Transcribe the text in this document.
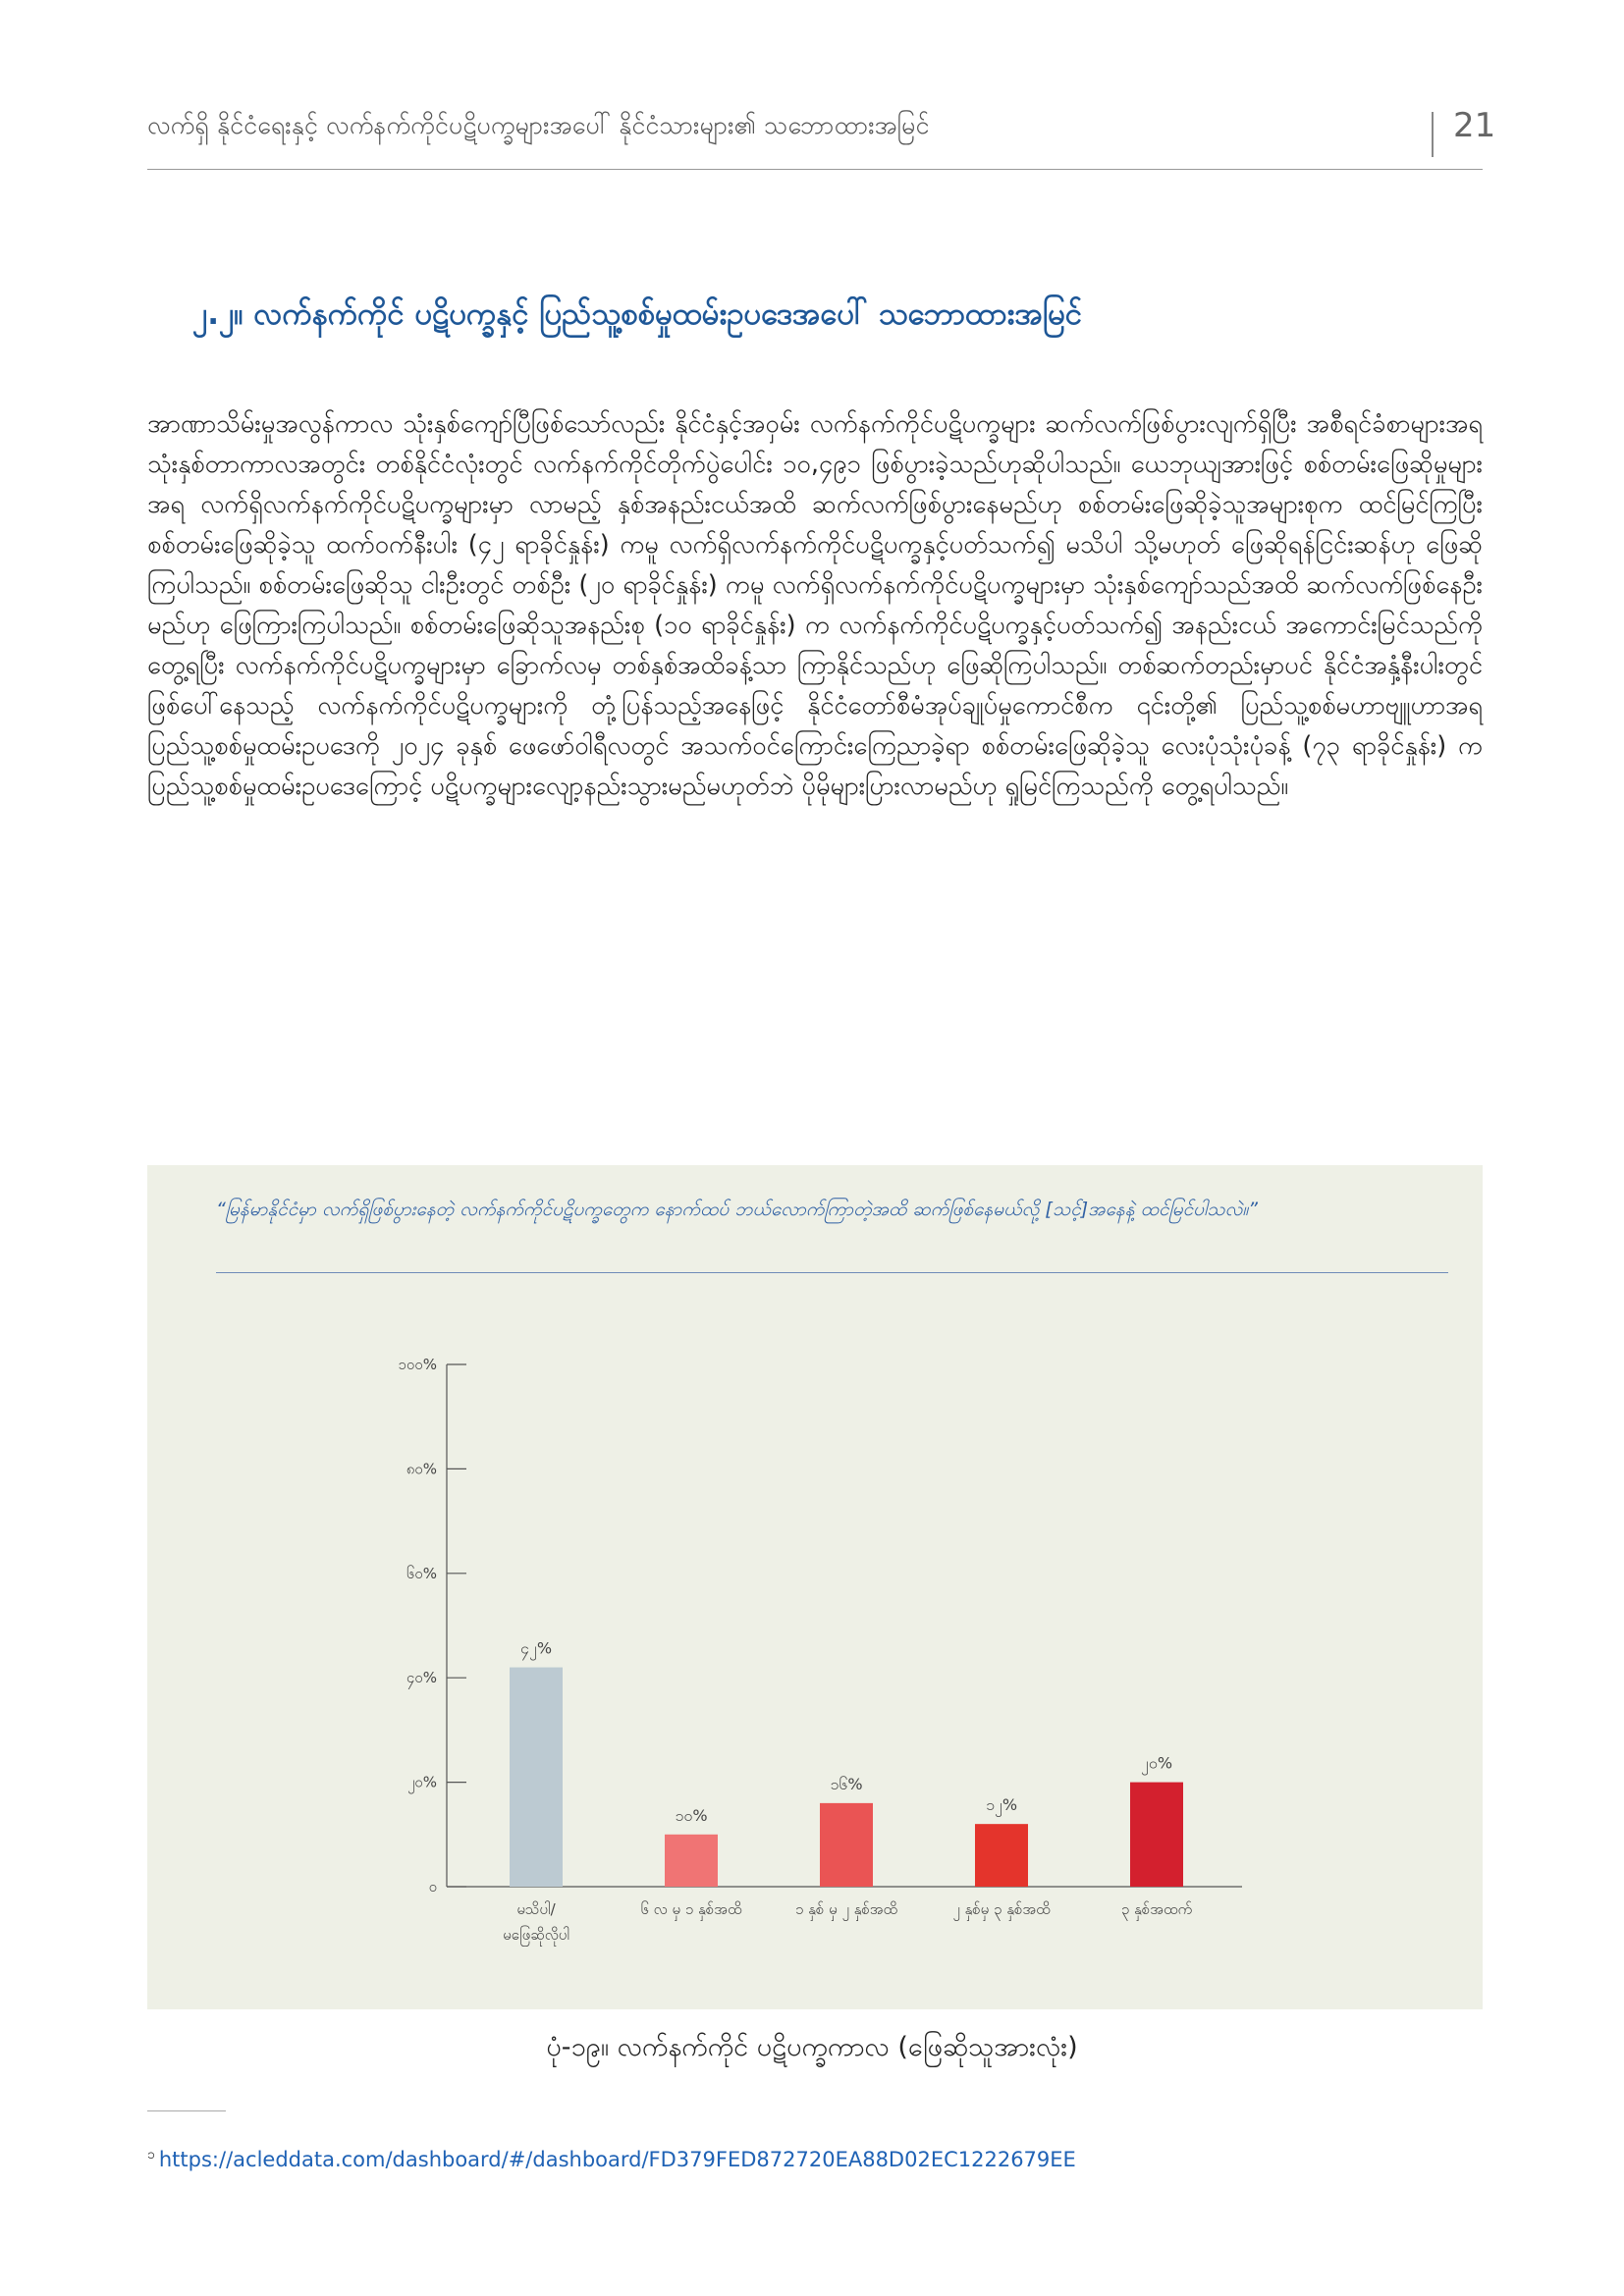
လက်ရှိ နိုင်ငံရေးနှင့် လက်နက်ကိုင်ပဋိပက္ခများအပေါ် နိုင်ငံသားများ၏ သဘောထားအမြင်	21
၂.၂။ လက်နက်ကိုင် ပဋိပက္ခနှင့် ပြည်သူ့စစ်မှုထမ်းဥပဒေအပေါ် သဘောထားအမြင်

အာဏာသိမ်းမှုအလွန်ကာလ သုံးနှစ်ကျော်ပြီဖြစ်သော်လည်း နိုင်ငံနှင့်အဝှမ်း လက်နက်ကိုင်ပဋိပက္ခများ ဆက်လက်ဖြစ်ပွားလျက်ရှိပြီး အစီရင်ခံစာများအရ သုံးနှစ်တာကာလအတွင်း တစ်နိုင်ငံလုံးတွင် လက်နက်ကိုင်တိုက်ပွဲပေါင်း ၁၀,၄၉၁ ဖြစ်ပွားခဲ့သည်ဟုဆိုပါသည်။ ယေဘုယျအားဖြင့် စစ်တမ်းဖြေဆိုမှုများအရ လက်ရှိလက်နက်ကိုင်ပဋိပက္ခများမှာ လာမည့် နှစ်အနည်းငယ်အထိ ဆက်လက်ဖြစ်ပွားနေမည်ဟု စစ်တမ်းဖြေဆိုခဲ့သူအများစုက ထင်မြင်ကြပြီး စစ်တမ်းဖြေဆိုခဲ့သူ ထက်ဝက်နီးပါး (၄၂ ရာခိုင်နှုန်း) ကမူ လက်ရှိလက်နက်ကိုင်ပဋိပက္ခနှင့်ပတ်သက်၍ မသိပါ သို့မဟုတ် ဖြေဆိုရန်ငြင်းဆန်ဟု ဖြေဆိုကြပါသည်။ စစ်တမ်းဖြေဆိုသူ ငါးဦးတွင် တစ်ဦး (၂၀ ရာခိုင်နှုန်း) ကမူ လက်ရှိလက်နက်ကိုင်ပဋိပက္ခများမှာ သုံးနှစ်ကျော်သည်အထိ ဆက်လက်ဖြစ်နေဦးမည်ဟု ဖြေကြားကြပါသည်။ စစ်တမ်းဖြေဆိုသူအနည်းစု (၁၀ ရာခိုင်နှုန်း) က လက်နက်ကိုင်ပဋိပက္ခနှင့်ပတ်သက်၍ အနည်းငယ် အကောင်းမြင်သည်ကိုတွေ့ရပြီး လက်နက်ကိုင်ပဋိပက္ခများမှာ ခြောက်လမှ တစ်နှစ်အထိခန့်သာ ကြာနိုင်သည်ဟု ဖြေဆိုကြပါသည်။ တစ်ဆက်တည်းမှာပင် နိုင်ငံအနှံ့နီးပါးတွင် ဖြစ်ပေါ်နေသည့် လက်နက်ကိုင်ပဋိပက္ခများကို တုံ့ပြန်သည့်အနေဖြင့် နိုင်ငံတော်စီမံအုပ်ချုပ်မှုကောင်စီက ၎င်းတို့၏ ပြည်သူ့စစ်မဟာဗျူဟာအရ ပြည်သူ့စစ်မှုထမ်းဥပဒေကို ၂၀၂၄ ခုနှစ် ဖေဖော်ဝါရီလတွင် အသက်ဝင်ကြောင်းကြေညာခဲ့ရာ စစ်တမ်းဖြေဆိုခဲ့သူ လေးပုံသုံးပုံခန့် (၇၃ ရာခိုင်နှုန်း) က ပြည်သူ့စစ်မှုထမ်းဥပဒေကြောင့် ပဋိပက္ခများလျော့နည်းသွားမည်မဟုတ်ဘဲ ပိုမိုများပြားလာမည်ဟု ရှုမြင်ကြသည်ကို တွေ့ရပါသည်။

“မြန်မာနိုင်ငံမှာ လက်ရှိဖြစ်ပွားနေတဲ့ လက်နက်ကိုင်ပဋိပက္ခတွေက နောက်ထပ် ဘယ်လောက်ကြာတဲ့အထိ ဆက်ဖြစ်နေမယ်လို့ [သင့်]အနေနဲ့ ထင်မြင်ပါသလဲ။”
၀
၂၀%
၄၀%
၆၀%
၈၀%
၁၀၀%
၄၂%
မသိပါ/
မဖြေဆိုလိုပါ
၁၀%
၆ လ မှ ၁ နှစ်အထိ
၁၆%
၁ နှစ် မှ ၂ နှစ်အထိ
၁၂%
၂ နှစ်မှ ၃ နှစ်အထိ
၂၀%
၃ နှစ်အထက်
ပုံ-၁၉။ လက်နက်ကိုင် ပဋိပက္ခကာလ (ဖြေဆိုသူအားလုံး)
$^၁$ https://acleddata.com/dashboard/#/dashboard/FD379FED872720EA88D02EC1222679EE
